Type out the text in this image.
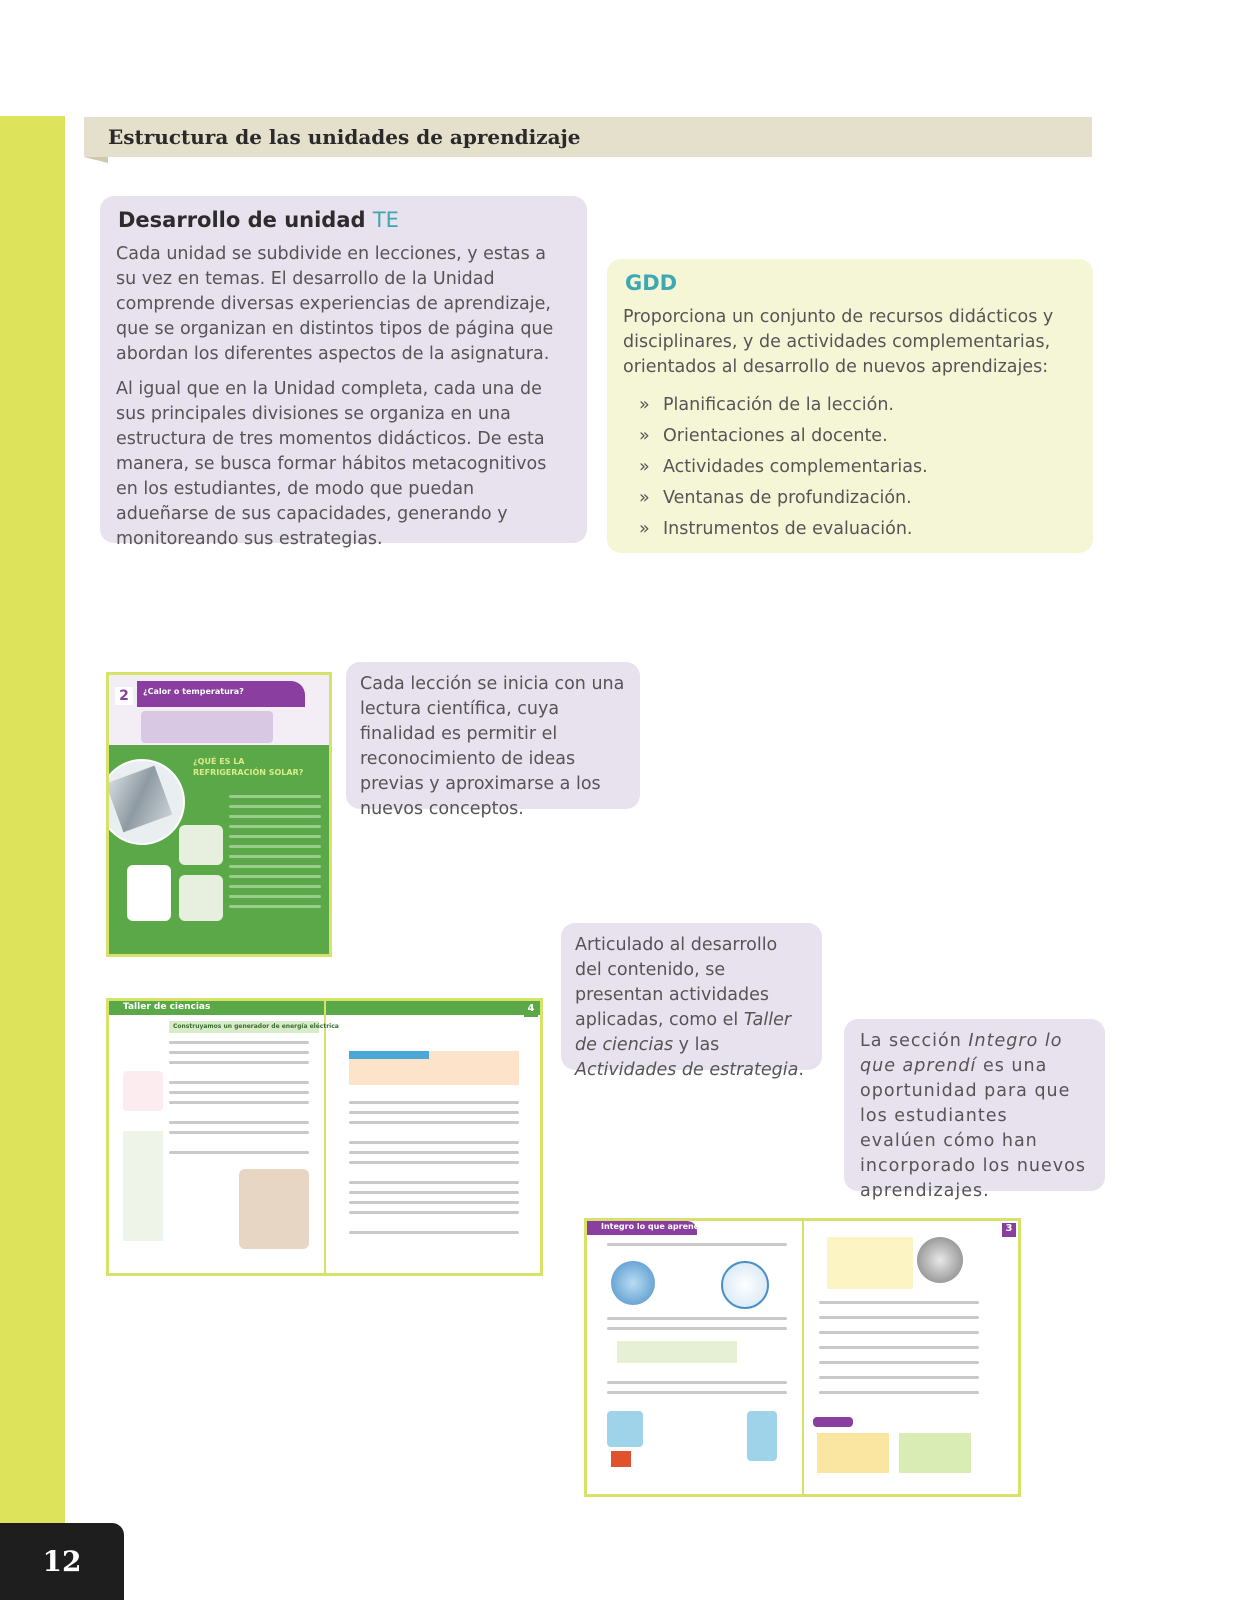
Estructura de las unidades de aprendizaje
Desarrollo de unidad TE

Cada unidad se subdivide en lecciones, y estas a su vez en temas. El desarrollo de la Unidad comprende diversas experiencias de aprendizaje, que se organizan en distintos tipos de página que abordan los diferentes aspectos de la asignatura.

Al igual que en la Unidad completa, cada una de sus principales divisiones se organiza en una estructura de tres momentos didácticos. De esta manera, se busca formar hábitos metacognitivos en los estudiantes, de modo que puedan adueñarse de sus capacidades, generando y monitoreando sus estrategias.

GDD

Proporciona un conjunto de recursos didácticos y disciplinares, y de actividades complementarias, orientados al desarrollo de nuevos aprendizajes:

» Planificación de la lección.
» Orientaciones al docente.
» Actividades complementarias.
» Ventanas de profundización.
» Instrumentos de evaluación.
2	¿Calor o temperatura?
¿QUÉ ES LA
REFRIGERACIÓN SOLAR?
Cada lección se inicia con una lectura científica, cuya finalidad es permitir el reconocimiento de ideas previas y aproximarse a los nuevos conceptos.
Taller de ciencias	4
Construyamos un generador de energía eléctrica
Articulado al desarrollo del contenido, se presentan actividades aplicadas, como el Taller de ciencias y las Actividades de estrategia.
La sección Integro lo que aprendí es una oportunidad para que los estudiantes evalúen cómo han incorporado los nuevos aprendizajes.
Integro lo que aprendí	3
12
